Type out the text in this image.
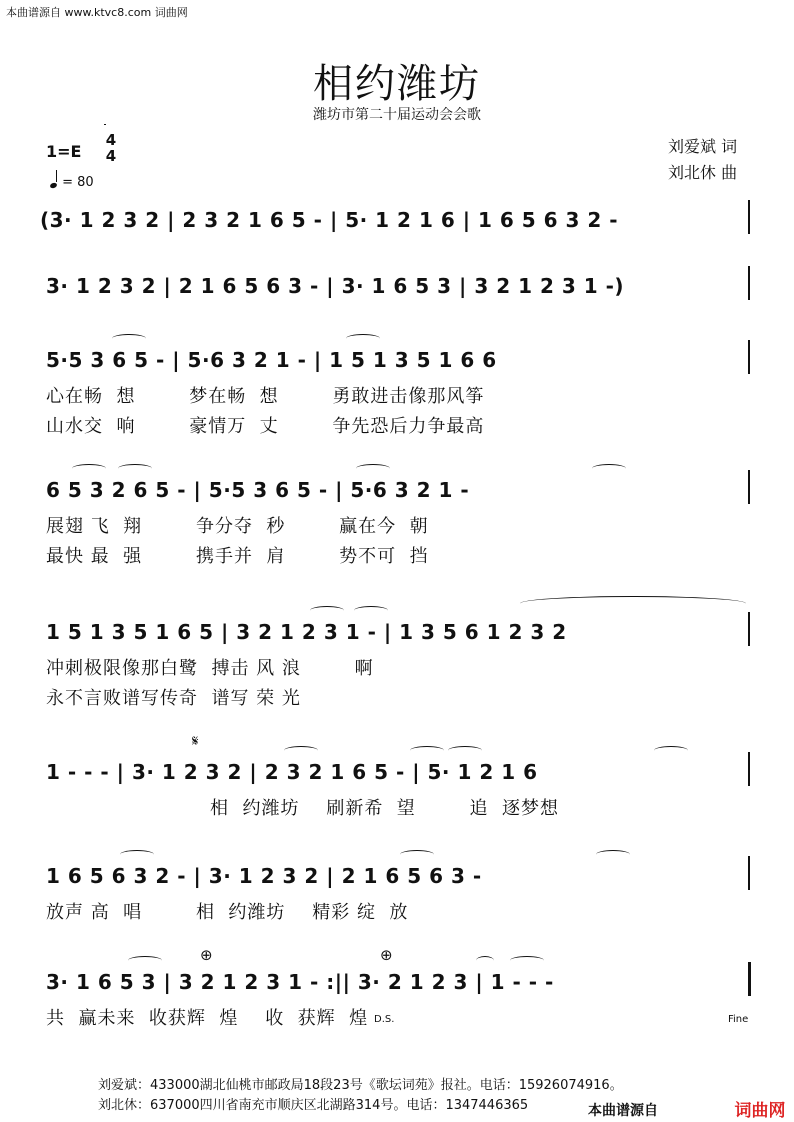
本曲谱源自 www.ktvc8.com 词曲网
相约潍坊
潍坊市第二十届运动会会歌
刘爱斌 词
刘北休 曲
1=E
4
4
= 80
(3· 1 2 3 2 | 2 3 2 1 6 5 - | 5· 1 2 1 6 | 1 6 5 6 3 2 -
3· 1 2 3 2 | 2 1 6 5 6 3 - | 3· 1 6 5 3 | 3 2 1 2 3 1 -)
5·5 3 6 5 - | 5·6 3 2 1 - | 1 5 1 3 5 1 6 6
心在畅  想        梦在畅  想        勇敢进击像那风筝
山水交  响        豪情万  丈        争先恐后力争最高
6 5 3 2 6 5 - | 5·5 3 6 5 - | 5·6 3 2 1 -
展翅 飞  翔        争分夺  秒        赢在今  朝
最快 最  强        携手并  肩        势不可  挡
1 5 1 3 5 1 6 5 | 3 2 1 2 3 1 - | 1 3 5 6 1 2 3 2
冲刺极限像那白鹭  搏击 风 浪        啊
永不言败谱写传奇  谱写 荣 光
𝄋
1 - - - | 3· 1 2 3 2 | 2 3 2 1 6 5 - | 5· 1 2 1 6
相  约潍坊    刷新希  望        追  逐梦想
1 6 5 6 3 2 - | 3· 1 2 3 2 | 2 1 6 5 6 3 -
放声 高  唱        相  约潍坊    精彩 绽  放
⊕	⊕
3· 1 6 5 3 | 3 2 1 2 3 1 - :|| 3· 2 1 2 3 | 1 - - -
共  赢未来  收获辉  煌    收  获辉  煌 D.S.	Fine
刘爱斌：433000湖北仙桃市邮政局18段23号《歌坛词苑》报社。电话：15926074916。
刘北休：637000四川省南充市顺庆区北湖路314号。电话：1347446365	本曲谱源自	词曲网
